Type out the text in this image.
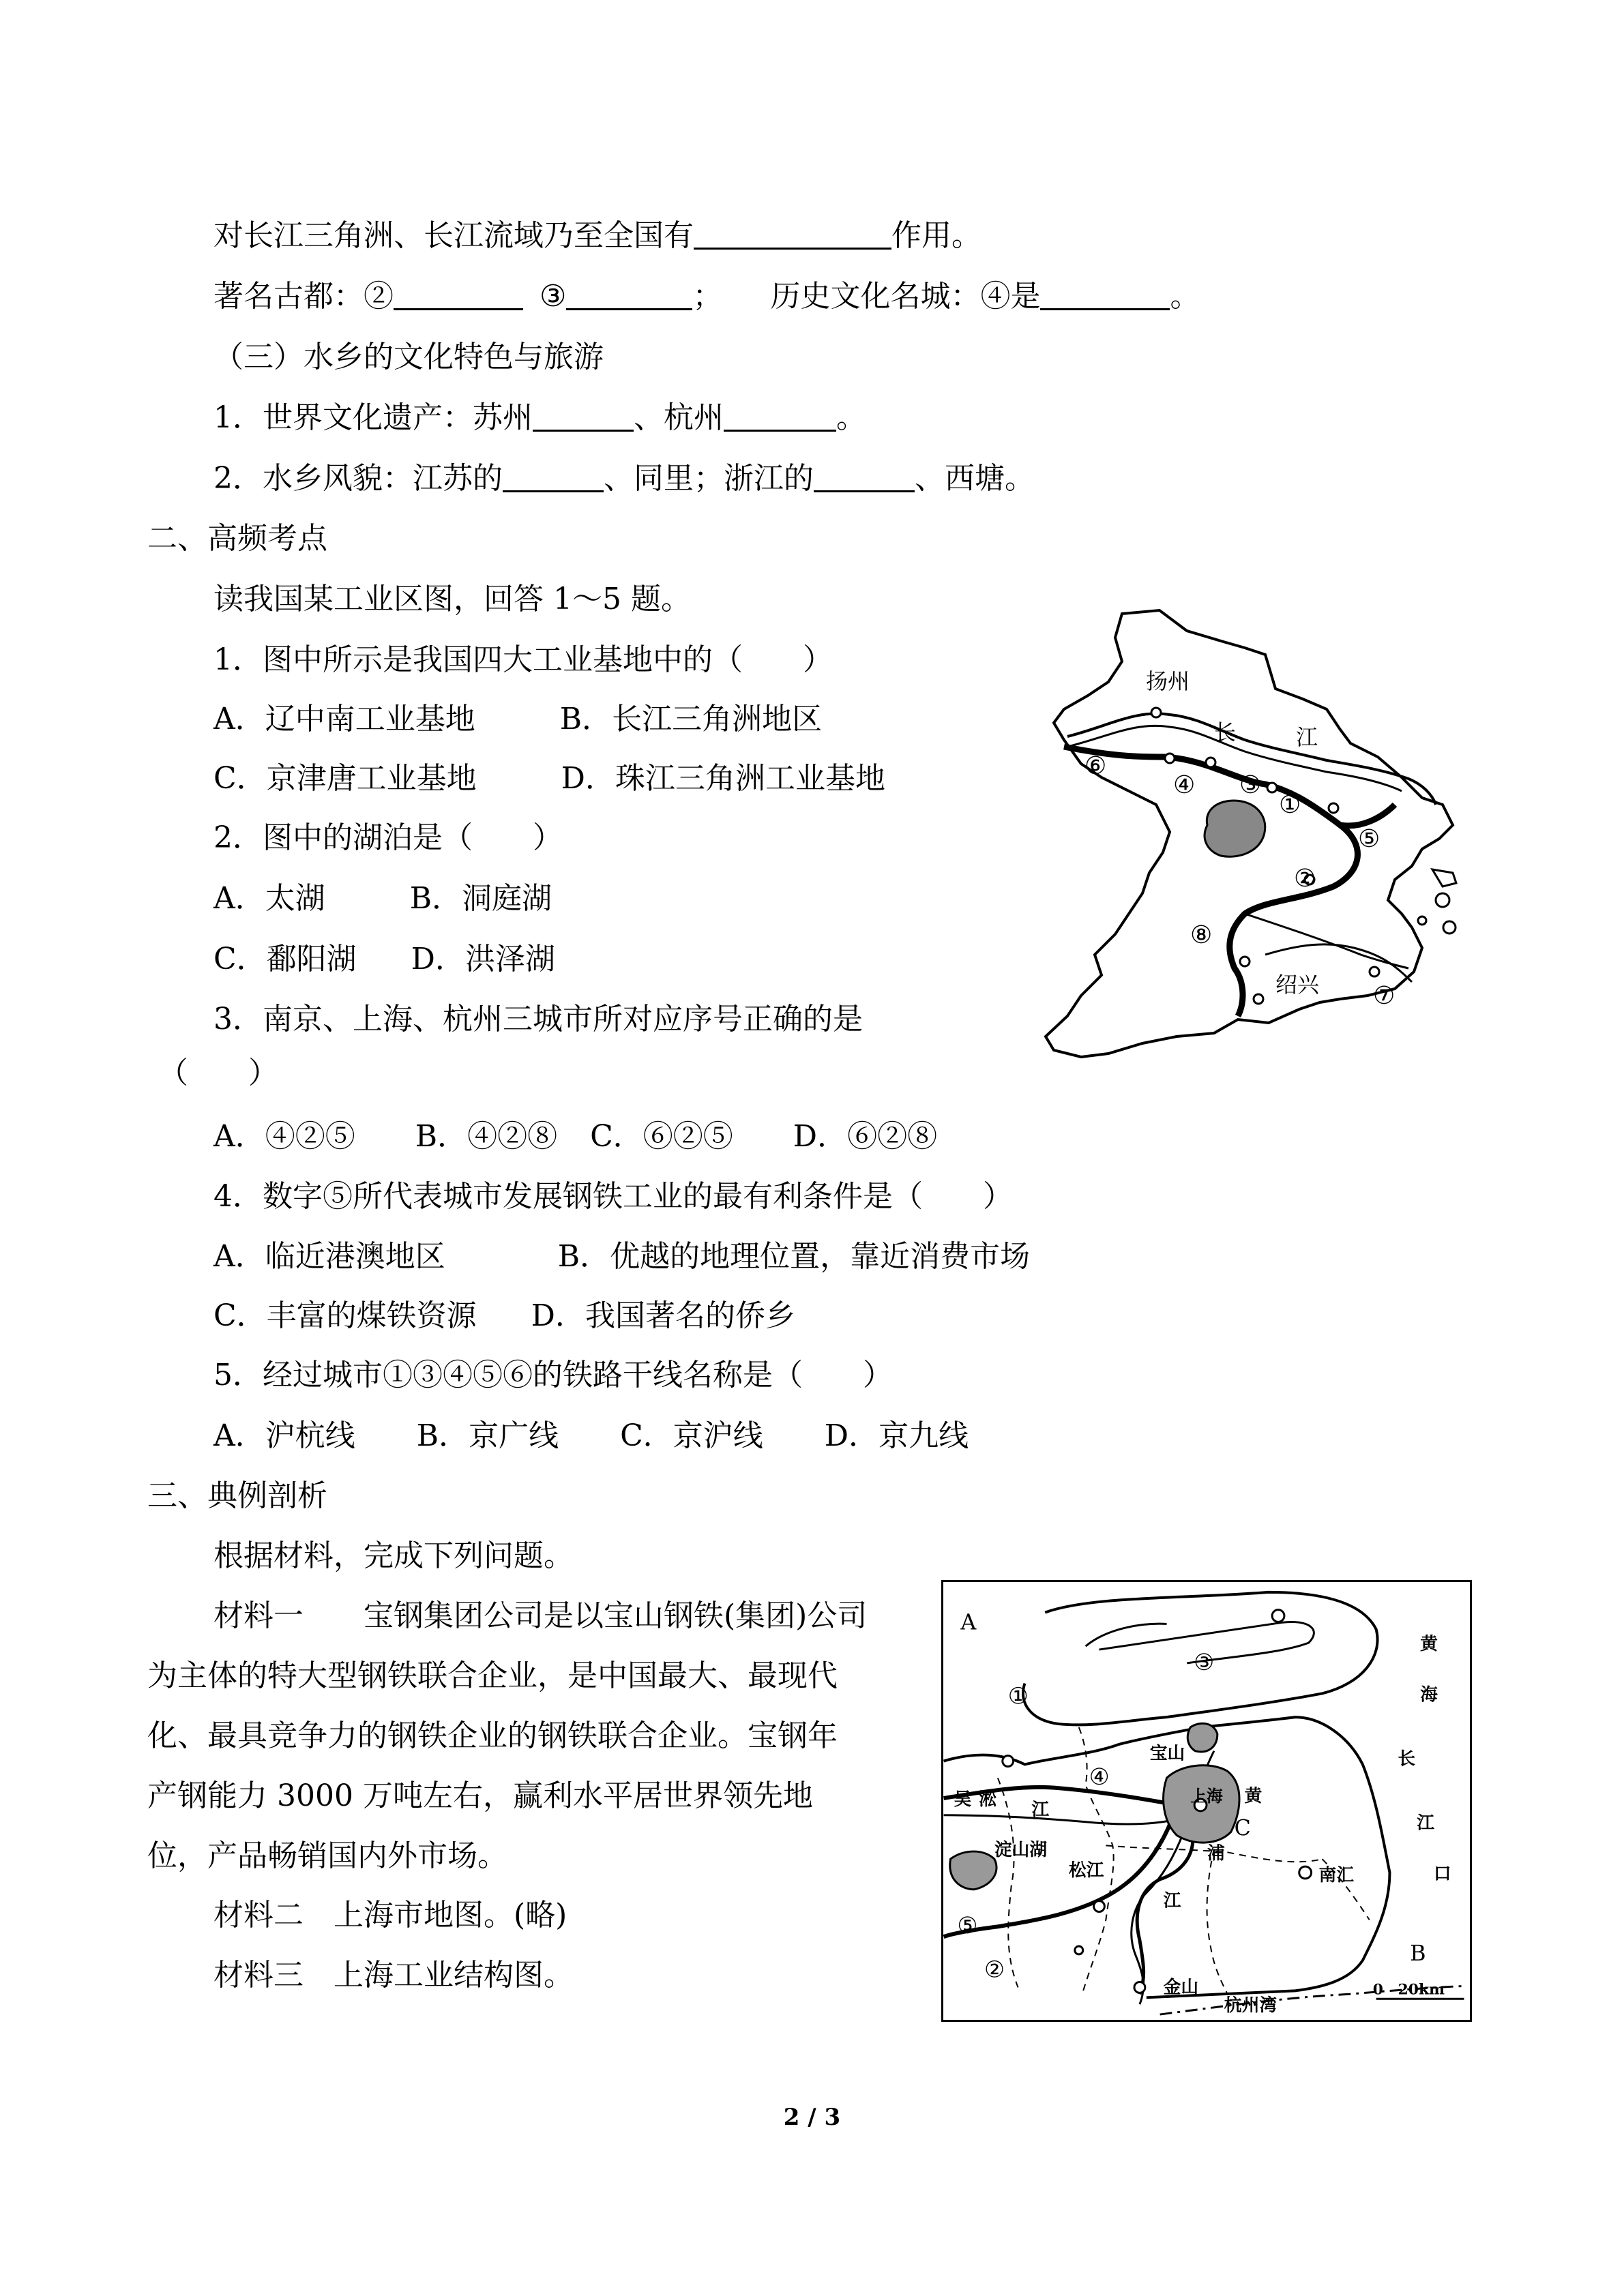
对长江三角洲、长江流域乃至全国有	作用。
著名古都：②	③	； 历史文化名城：④是	。
（三）水乡的文化特色与旅游
1．世界文化遗产：苏州	、杭州	。
2．水乡风貌：江苏的	、同里；浙江的	、西塘。
二、高频考点
读我国某工业区图，回答 1～5 题。
1．图中所示是我国四大工业基地中的（　　）
A．辽中南工业基地	B．长江三角洲地区
C．京津唐工业基地	D．珠江三角洲工业基地
2．图中的湖泊是（　　）
A．太湖	B．洞庭湖
C．鄱阳湖 D．洪泽湖
3．南京、上海、杭州三城市所对应序号正确的是
（　　）
A．④②⑤ B．④②⑧ C．⑥②⑤ D．⑥②⑧
4．数字⑤所代表城市发展钢铁工业的最有利条件是（　　）
A．临近港澳地区	B．优越的地理位置，靠近消费市场
C．丰富的煤铁资源 D．我国著名的侨乡
5．经过城市①③④⑤⑥的铁路干线名称是（　　）
A．沪杭线 B．京广线 C．京沪线 D．京九线
三、典例剖析
根据材料，完成下列问题。
材料一　　宝钢集团公司是以宝山钢铁(集团)公司
为主体的特大型钢铁联合企业，是中国最大、最现代
化、最具竞争力的钢铁企业的钢铁联合企业。宝钢年
产钢能力 3000 万吨左右，赢利水平居世界领先地
位，产品畅销国内外市场。
材料二　上海市地图。(略)
材料三　上海工业结构图。
扬州
长	江
绍兴
⑥
④ ③
①
⑤
②
⑧
⑦
A
B
C
黄
海
长
江
口
宝山
上海 黄
浦
江
吴 淞 江
淀山湖
松江	南汇
金山
杭州湾
0　20km
①
②
③
④
⑤
2 / 3
